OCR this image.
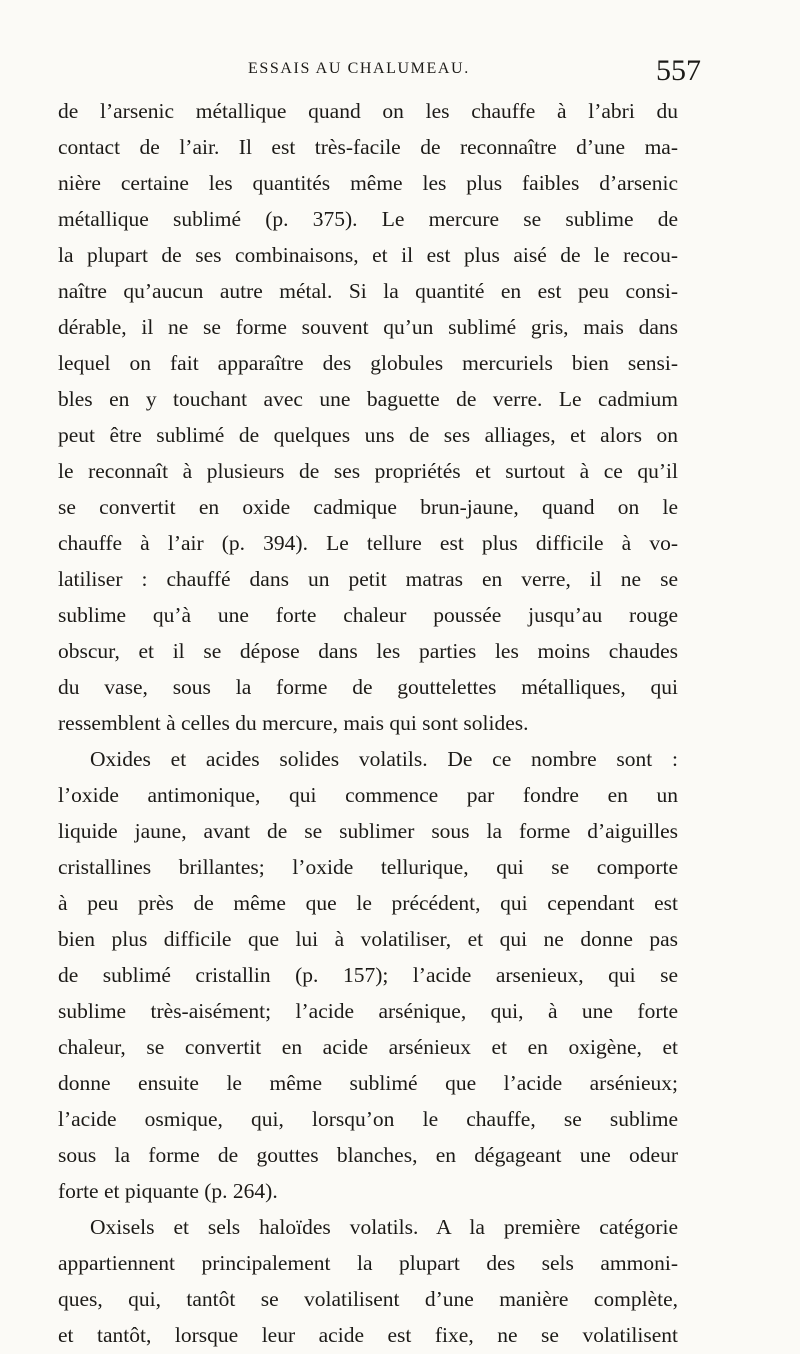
ESSAIS AU CHALUMEAU.	557
de l’arsenic métallique quand on les chauffe à l’abri du
contact de l’air. Il est très-facile de reconnaître d’une ma-
nière certaine les quantités même les plus faibles d’arsenic
métallique sublimé (p. 375). Le mercure se sublime de
la plupart de ses combinaisons, et il est plus aisé de le recou-
naître qu’aucun autre métal. Si la quantité en est peu consi-
dérable, il ne se forme souvent qu’un sublimé gris, mais dans
lequel on fait apparaître des globules mercuriels bien sensi-
bles en y touchant avec une baguette de verre. Le cadmium
peut être sublimé de quelques uns de ses alliages, et alors on
le reconnaît à plusieurs de ses propriétés et surtout à ce qu’il
se convertit en oxide cadmique brun-jaune, quand on le
chauffe à l’air (p. 394). Le tellure est plus difficile à vo-
latiliser : chauffé dans un petit matras en verre, il ne se
sublime qu’à une forte chaleur poussée jusqu’au rouge
obscur, et il se dépose dans les parties les moins chaudes
du vase, sous la forme de gouttelettes métalliques, qui
ressemblent à celles du mercure, mais qui sont solides.
Oxides et acides solides volatils. De ce nombre sont :
l’oxide antimonique, qui commence par fondre en un
liquide jaune, avant de se sublimer sous la forme d’aiguilles
cristallines brillantes; l’oxide tellurique, qui se comporte
à peu près de même que le précédent, qui cependant est
bien plus difficile que lui à volatiliser, et qui ne donne pas
de sublimé cristallin (p. 157); l’acide arsenieux, qui se
sublime très-aisément; l’acide arsénique, qui, à une forte
chaleur, se convertit en acide arsénieux et en oxigène, et
donne ensuite le même sublimé que l’acide arsénieux;
l’acide osmique, qui, lorsqu’on le chauffe, se sublime
sous la forme de gouttes blanches, en dégageant une odeur
forte et piquante (p. 264).
Oxisels et sels haloïdes volatils. A la première catégorie
appartiennent principalement la plupart des sels ammoni-
ques, qui, tantôt se volatilisent d’une manière complète,
et tantôt, lorsque leur acide est fixe, ne se volatilisent
